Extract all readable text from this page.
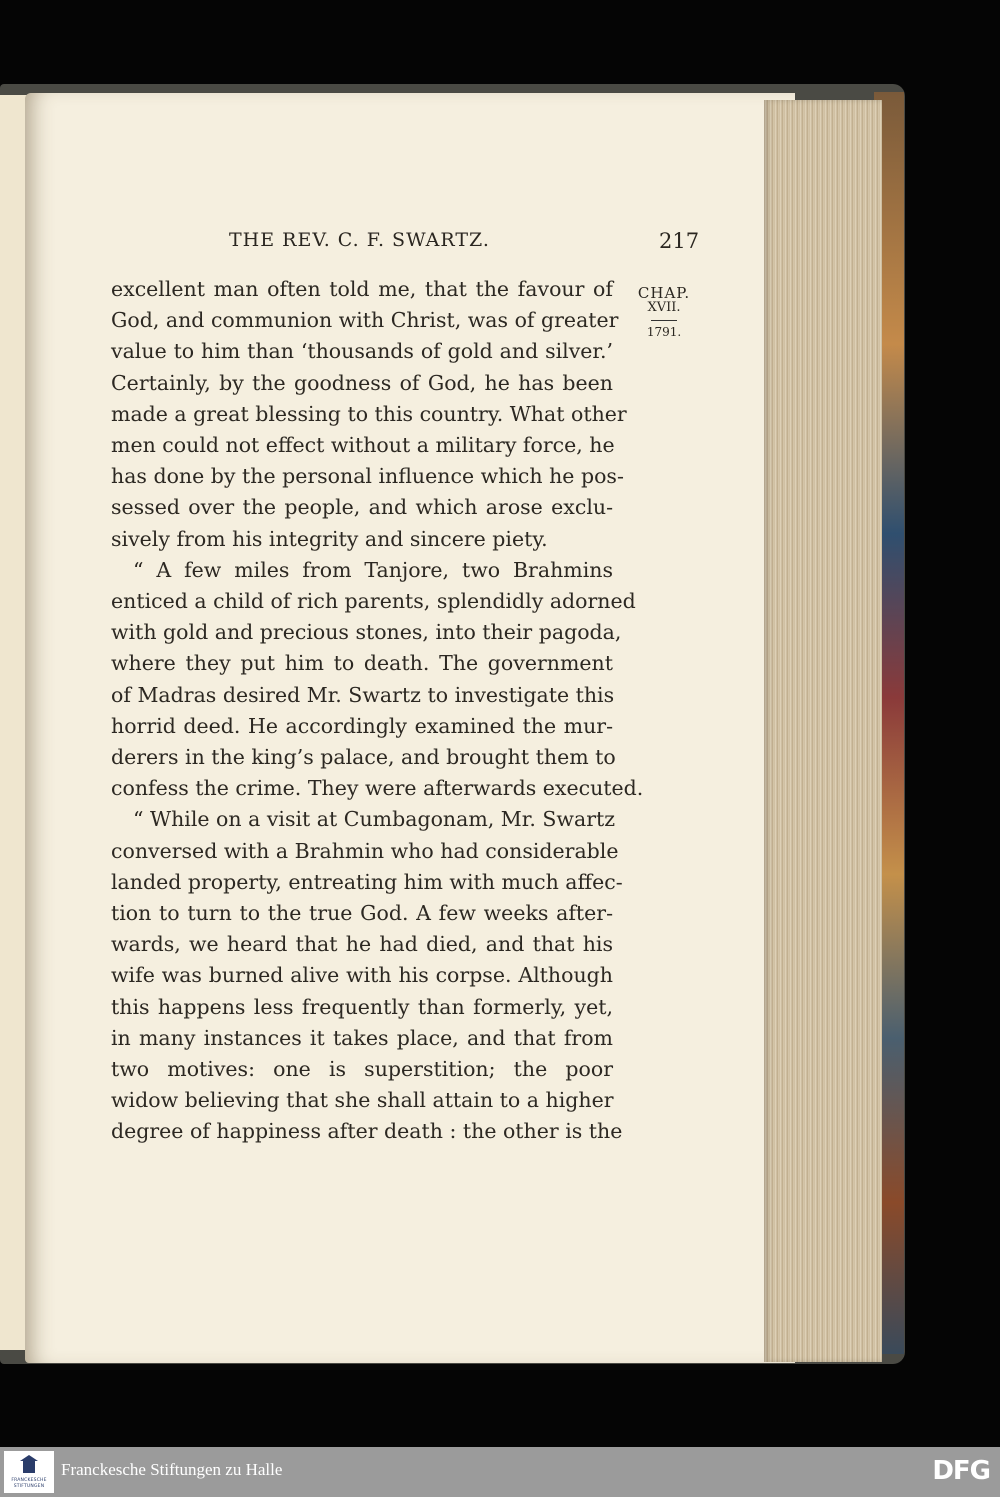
THE REV. C. F. SWARTZ.	217
CHAP.
XVII.
1791.
excellent man often told me, that the favour of
God, and communion with Christ, was of greater
value to him than ‘thousands of gold and silver.’
Certainly, by the goodness of God, he has been
made a great blessing to this country. What other
men could not effect without a military force, he
has done by the personal influence which he pos-
sessed over the people, and which arose exclu-
sively from his integrity and sincere piety.
“ A few miles from Tanjore, two Brahmins
enticed a child of rich parents, splendidly adorned
with gold and precious stones, into their pagoda,
where they put him to death. The government
of Madras desired Mr. Swartz to investigate this
horrid deed. He accordingly examined the mur-
derers in the king’s palace, and brought them to
confess the crime. They were afterwards executed.
“ While on a visit at Cumbagonam, Mr. Swartz
conversed with a Brahmin who had considerable
landed property, entreating him with much affec-
tion to turn to the true God. A few weeks after-
wards, we heard that he had died, and that his
wife was burned alive with his corpse. Although
this happens less frequently than formerly, yet,
in many instances it takes place, and that from
two motives: one is superstition; the poor
widow believing that she shall attain to a higher
degree of happiness after death : the other is the
FRANCKESCHE
STIFTUNGEN
Franckesche Stiftungen zu Halle	DFG
